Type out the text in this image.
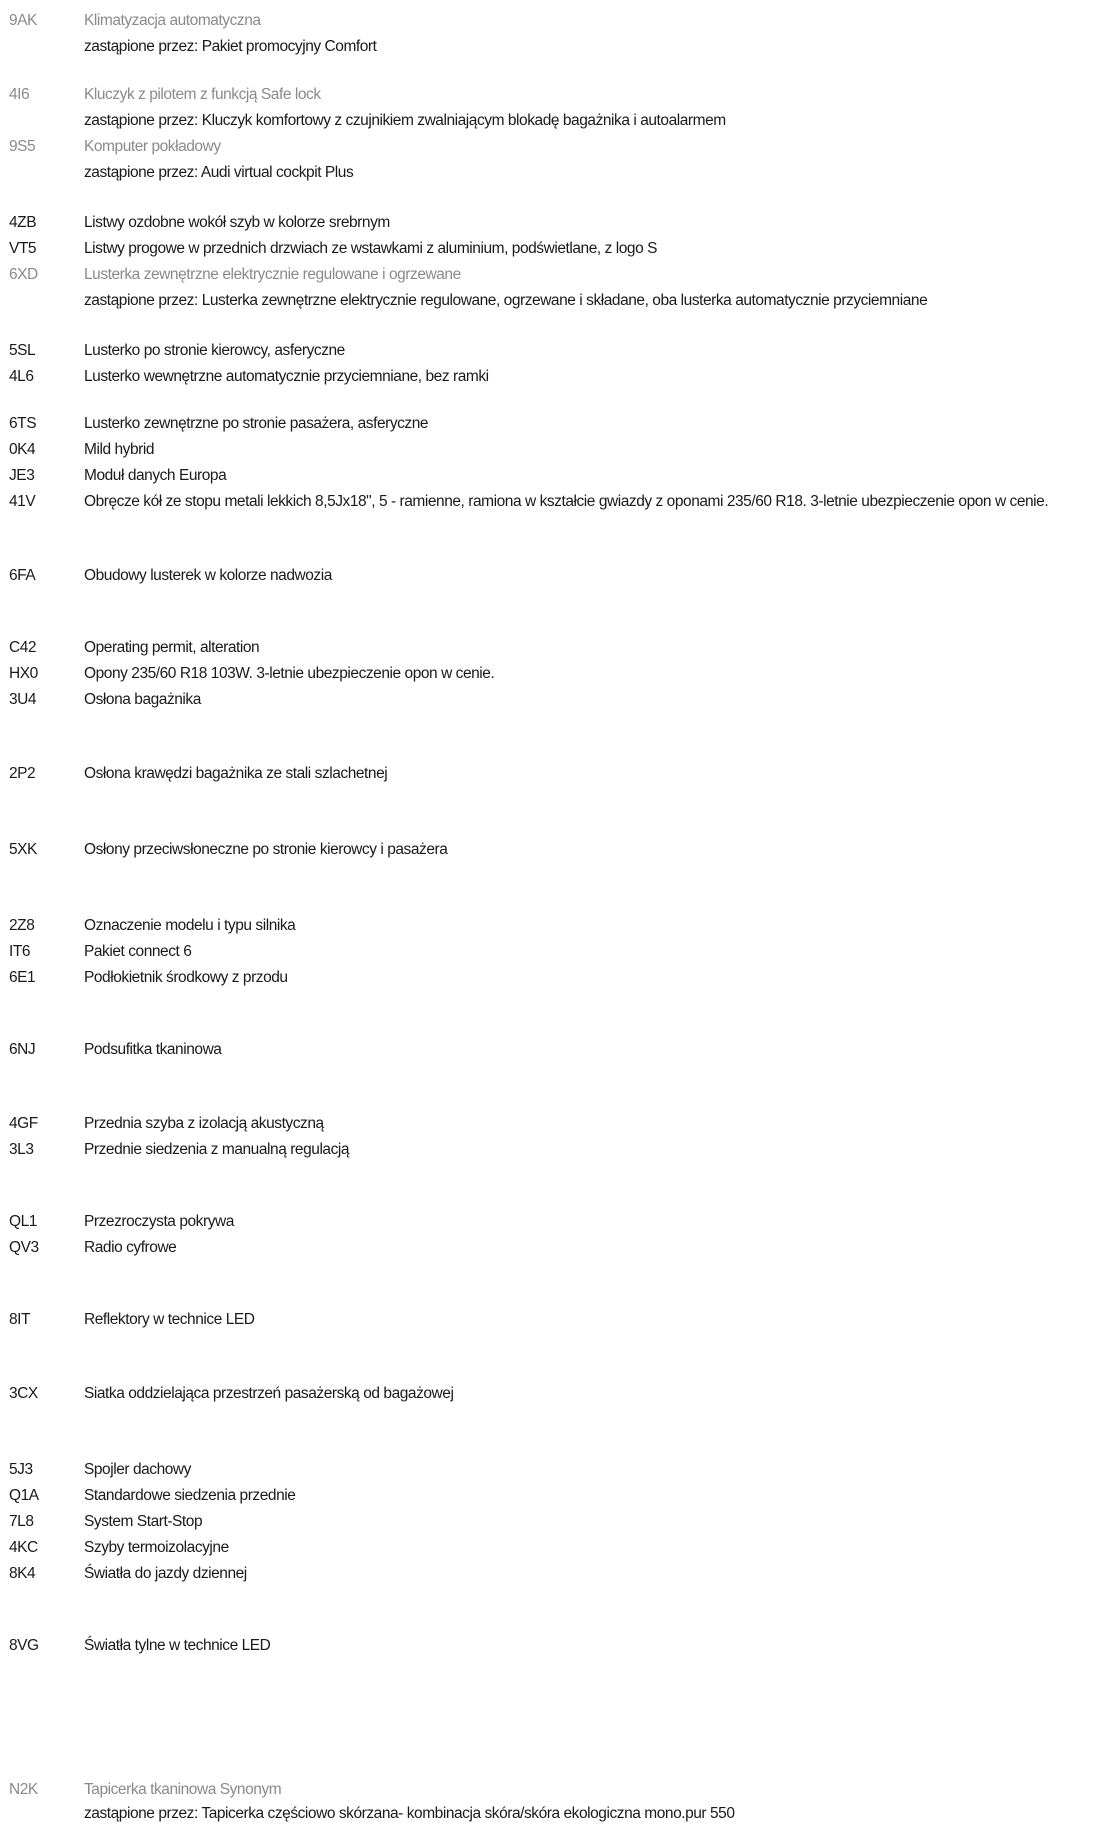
9AK	Klimatyzacja automatyczna
zastąpione przez: Pakiet promocyjny Comfort
4I6	Kluczyk z pilotem z funkcją Safe lock
zastąpione przez: Kluczyk komfortowy z czujnikiem zwalniającym blokadę bagażnika i autoalarmem
9S5	Komputer pokładowy
zastąpione przez: Audi virtual cockpit Plus
4ZB	Listwy ozdobne wokół szyb w kolorze srebrnym
VT5	Listwy progowe w przednich drzwiach ze wstawkami z aluminium, podświetlane, z logo S
6XD	Lusterka zewnętrzne elektrycznie regulowane i ogrzewane
zastąpione przez: Lusterka zewnętrzne elektrycznie regulowane, ogrzewane i składane, oba lusterka automatycznie przyciemniane
5SL	Lusterko po stronie kierowcy, asferyczne
4L6	Lusterko wewnętrzne automatycznie przyciemniane, bez ramki
6TS	Lusterko zewnętrzne po stronie pasażera, asferyczne
0K4	Mild hybrid
JE3	Moduł danych Europa
41V	Obręcze kół ze stopu metali lekkich 8,5Jx18", 5 - ramienne, ramiona w kształcie gwiazdy z oponami 235/60 R18. 3-letnie ubezpieczenie opon w cenie.
6FA	Obudowy lusterek w kolorze nadwozia
C42	Operating permit, alteration
HX0	Opony 235/60 R18 103W. 3-letnie ubezpieczenie opon w cenie.
3U4	Osłona bagażnika
2P2	Osłona krawędzi bagażnika ze stali szlachetnej
5XK	Osłony przeciwsłoneczne po stronie kierowcy i pasażera
2Z8	Oznaczenie modelu i typu silnika
IT6	Pakiet connect 6
6E1	Podłokietnik środkowy z przodu
6NJ	Podsufitka tkaninowa
4GF	Przednia szyba z izolacją akustyczną
3L3	Przednie siedzenia z manualną regulacją
QL1	Przezroczysta pokrywa
QV3	Radio cyfrowe
8IT	Reflektory w technice LED
3CX	Siatka oddzielająca przestrzeń pasażerską od bagażowej
5J3	Spojler dachowy
Q1A	Standardowe siedzenia przednie
7L8	System Start-Stop
4KC	Szyby termoizolacyjne
8K4	Światła do jazdy dziennej
8VG	Światła tylne w technice LED
N2K	Tapicerka tkaninowa Synonym
zastąpione przez: Tapicerka częściowo skórzana- kombinacja skóra/skóra ekologiczna mono.pur 550
